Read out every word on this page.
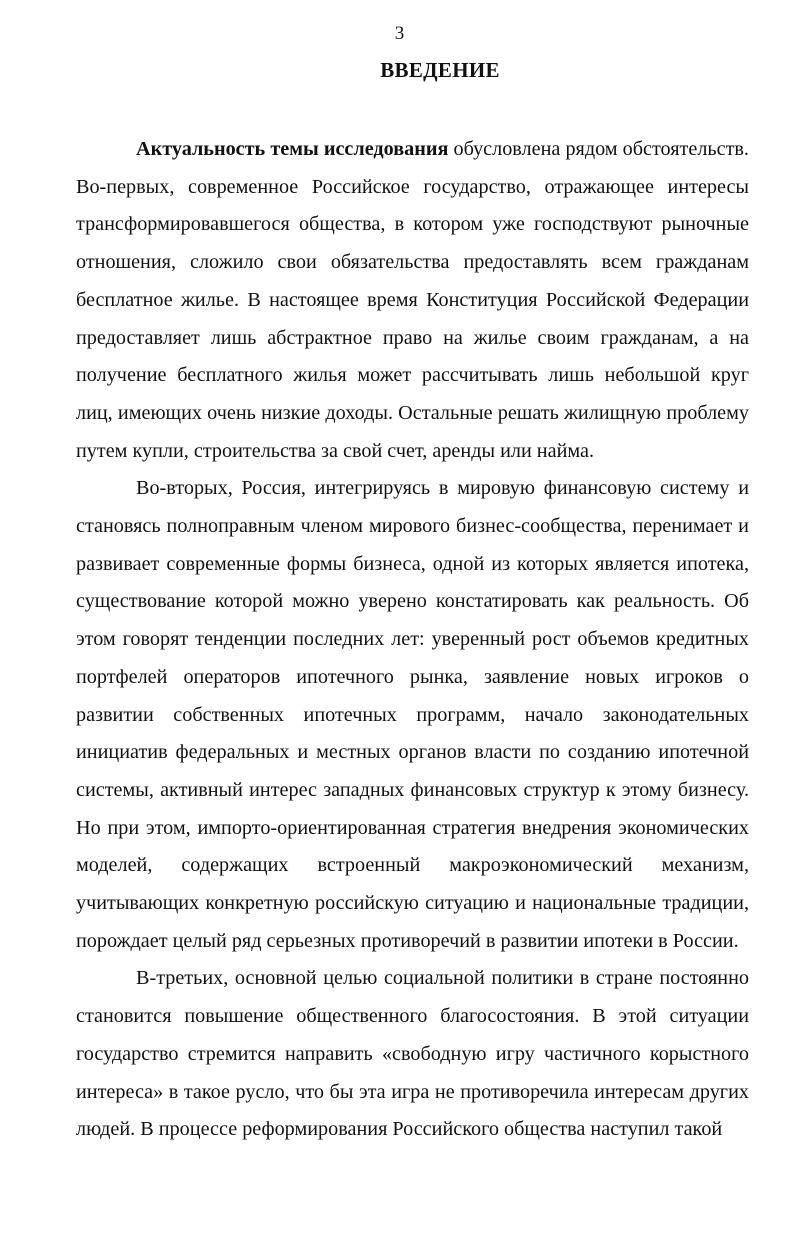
3
ВВЕДЕНИЕ

Актуальность темы исследования обусловлена рядом обстоятельств. Во-первых, современное Российское государство, отражающее интересы трансформировавшегося общества, в котором уже господствуют рыночные отношения, сложило свои обязательства предоставлять всем гражданам бесплатное жилье. В настоящее время Конституция Российской Федерации предоставляет лишь абстрактное право на жилье своим гражданам, а на получение бесплатного жилья может рассчитывать лишь небольшой круг лиц, имеющих очень низкие доходы. Остальные решать жилищную проблему путем купли, строительства за свой счет, аренды или найма.

Во-вторых, Россия, интегрируясь в мировую финансовую систему и становясь полноправным членом мирового бизнес-сообщества, перенимает и развивает современные формы бизнеса, одной из которых является ипотека, существование которой можно уверено констатировать как реальность. Об этом говорят тенденции последних лет: уверенный рост объемов кредитных портфелей операторов ипотечного рынка, заявление новых игроков о развитии собственных ипотечных программ, начало законодательных инициатив федеральных и местных органов власти по созданию ипотечной системы, активный интерес западных финансовых структур к этому бизнесу. Но при этом, импорто-ориентированная стратегия внедрения экономических моделей, содержащих встроенный макроэкономический механизм, учитывающих конкретную российскую ситуацию и национальные традиции, порождает целый ряд серьезных противоречий в развитии ипотеки в России.

В-третьих, основной целью социальной политики в стране постоянно становится повышение общественного благосостояния. В этой ситуации государство стремится направить «свободную игру частичного корыстного интереса» в такое русло, что бы эта игра не противоречила интересам других людей. В процессе реформирования Российского общества наступил такой
